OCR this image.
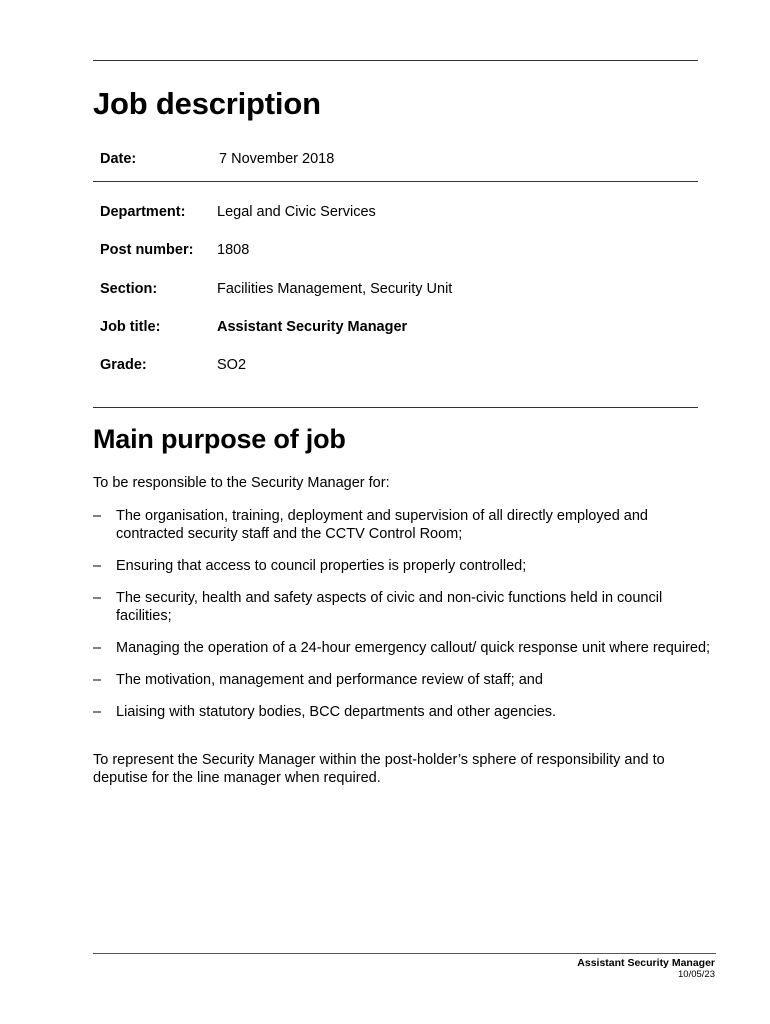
Job description
Date:	7 November 2018
Department: Legal and Civic Services
Post number: 1808
Section:	Facilities Management, Security Unit
Job title:	Assistant Security Manager
Grade:	SO2
Main purpose of job

To be responsible to the Security Manager for:

– The organisation, training, deployment and supervision of all directly employed and contracted security staff and the CCTV Control Room;
– Ensuring that access to council properties is properly controlled;
– The security, health and safety aspects of civic and non-civic functions held in council facilities;
– Managing the operation of a 24-hour emergency callout/ quick response unit where required;
– The motivation, management and performance review of staff; and
– Liaising with statutory bodies, BCC departments and other agencies.

To represent the Security Manager within the post-holder’s sphere of responsibility and to deputise for the line manager when required.

Assistant Security Manager
10/05/23
